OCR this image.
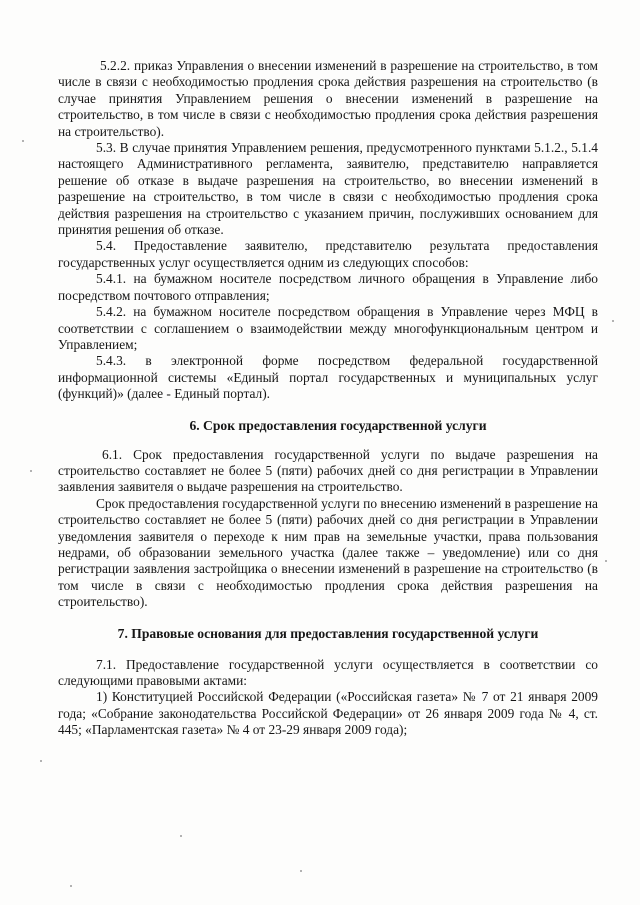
5.2.2. приказ Управления о внесении изменений в разрешение на строительство, в том числе в связи с необходимостью продления срока действия разрешения на строительство (в случае принятия Управлением решения о внесении изменений в разрешение на строительство, в том числе в связи с необходимостью продления срока действия разрешения на строительство).

5.3. В случае принятия Управлением решения, предусмотренного пунктами 5.1.2., 5.1.4 настоящего Административного регламента, заявителю, представителю направляется решение об отказе в выдаче разрешения на строительство, во внесении изменений в разрешение на строительство, в том числе в связи с необходимостью продления срока действия разрешения на строительство с указанием причин, послуживших основанием для принятия решения об отказе.

5.4. Предоставление заявителю, представителю результата предоставления государственных услуг осуществляется одним из следующих способов:

5.4.1. на бумажном носителе посредством личного обращения в Управление либо посредством почтового отправления;

5.4.2. на бумажном носителе посредством обращения в Управление через МФЦ в соответствии с соглашением о взаимодействии между многофункциональным центром и Управлением;

5.4.3. в электронной форме посредством федеральной государственной информационной системы «Единый портал государственных и муниципальных услуг (функций)» (далее - Единый портал).

6. Срок предоставления государственной услуги

6.1. Срок предоставления государственной услуги по выдаче разрешения на строительство составляет не более 5 (пяти) рабочих дней со дня регистрации в Управлении заявления заявителя о выдаче разрешения на строительство.

Срок предоставления государственной услуги по внесению изменений в разрешение на строительство составляет не более 5 (пяти) рабочих дней со дня регистрации в Управлении уведомления заявителя о переходе к ним прав на земельные участки, права пользования недрами, об образовании земельного участка (далее также – уведомление) или со дня регистрации заявления застройщика о внесении изменений в разрешение на строительство (в том числе в связи с необходимостью продления срока действия разрешения на строительство).

7. Правовые основания для предоставления государственной услуги

7.1. Предоставление государственной услуги осуществляется в соответствии со следующими правовыми актами:

1) Конституцией Российской Федерации («Российская газета» № 7 от 21 января 2009 года; «Собрание законодательства Российской Федерации» от 26 января 2009 года № 4, ст. 445; «Парламентская газета» № 4 от 23-29 января 2009 года);
